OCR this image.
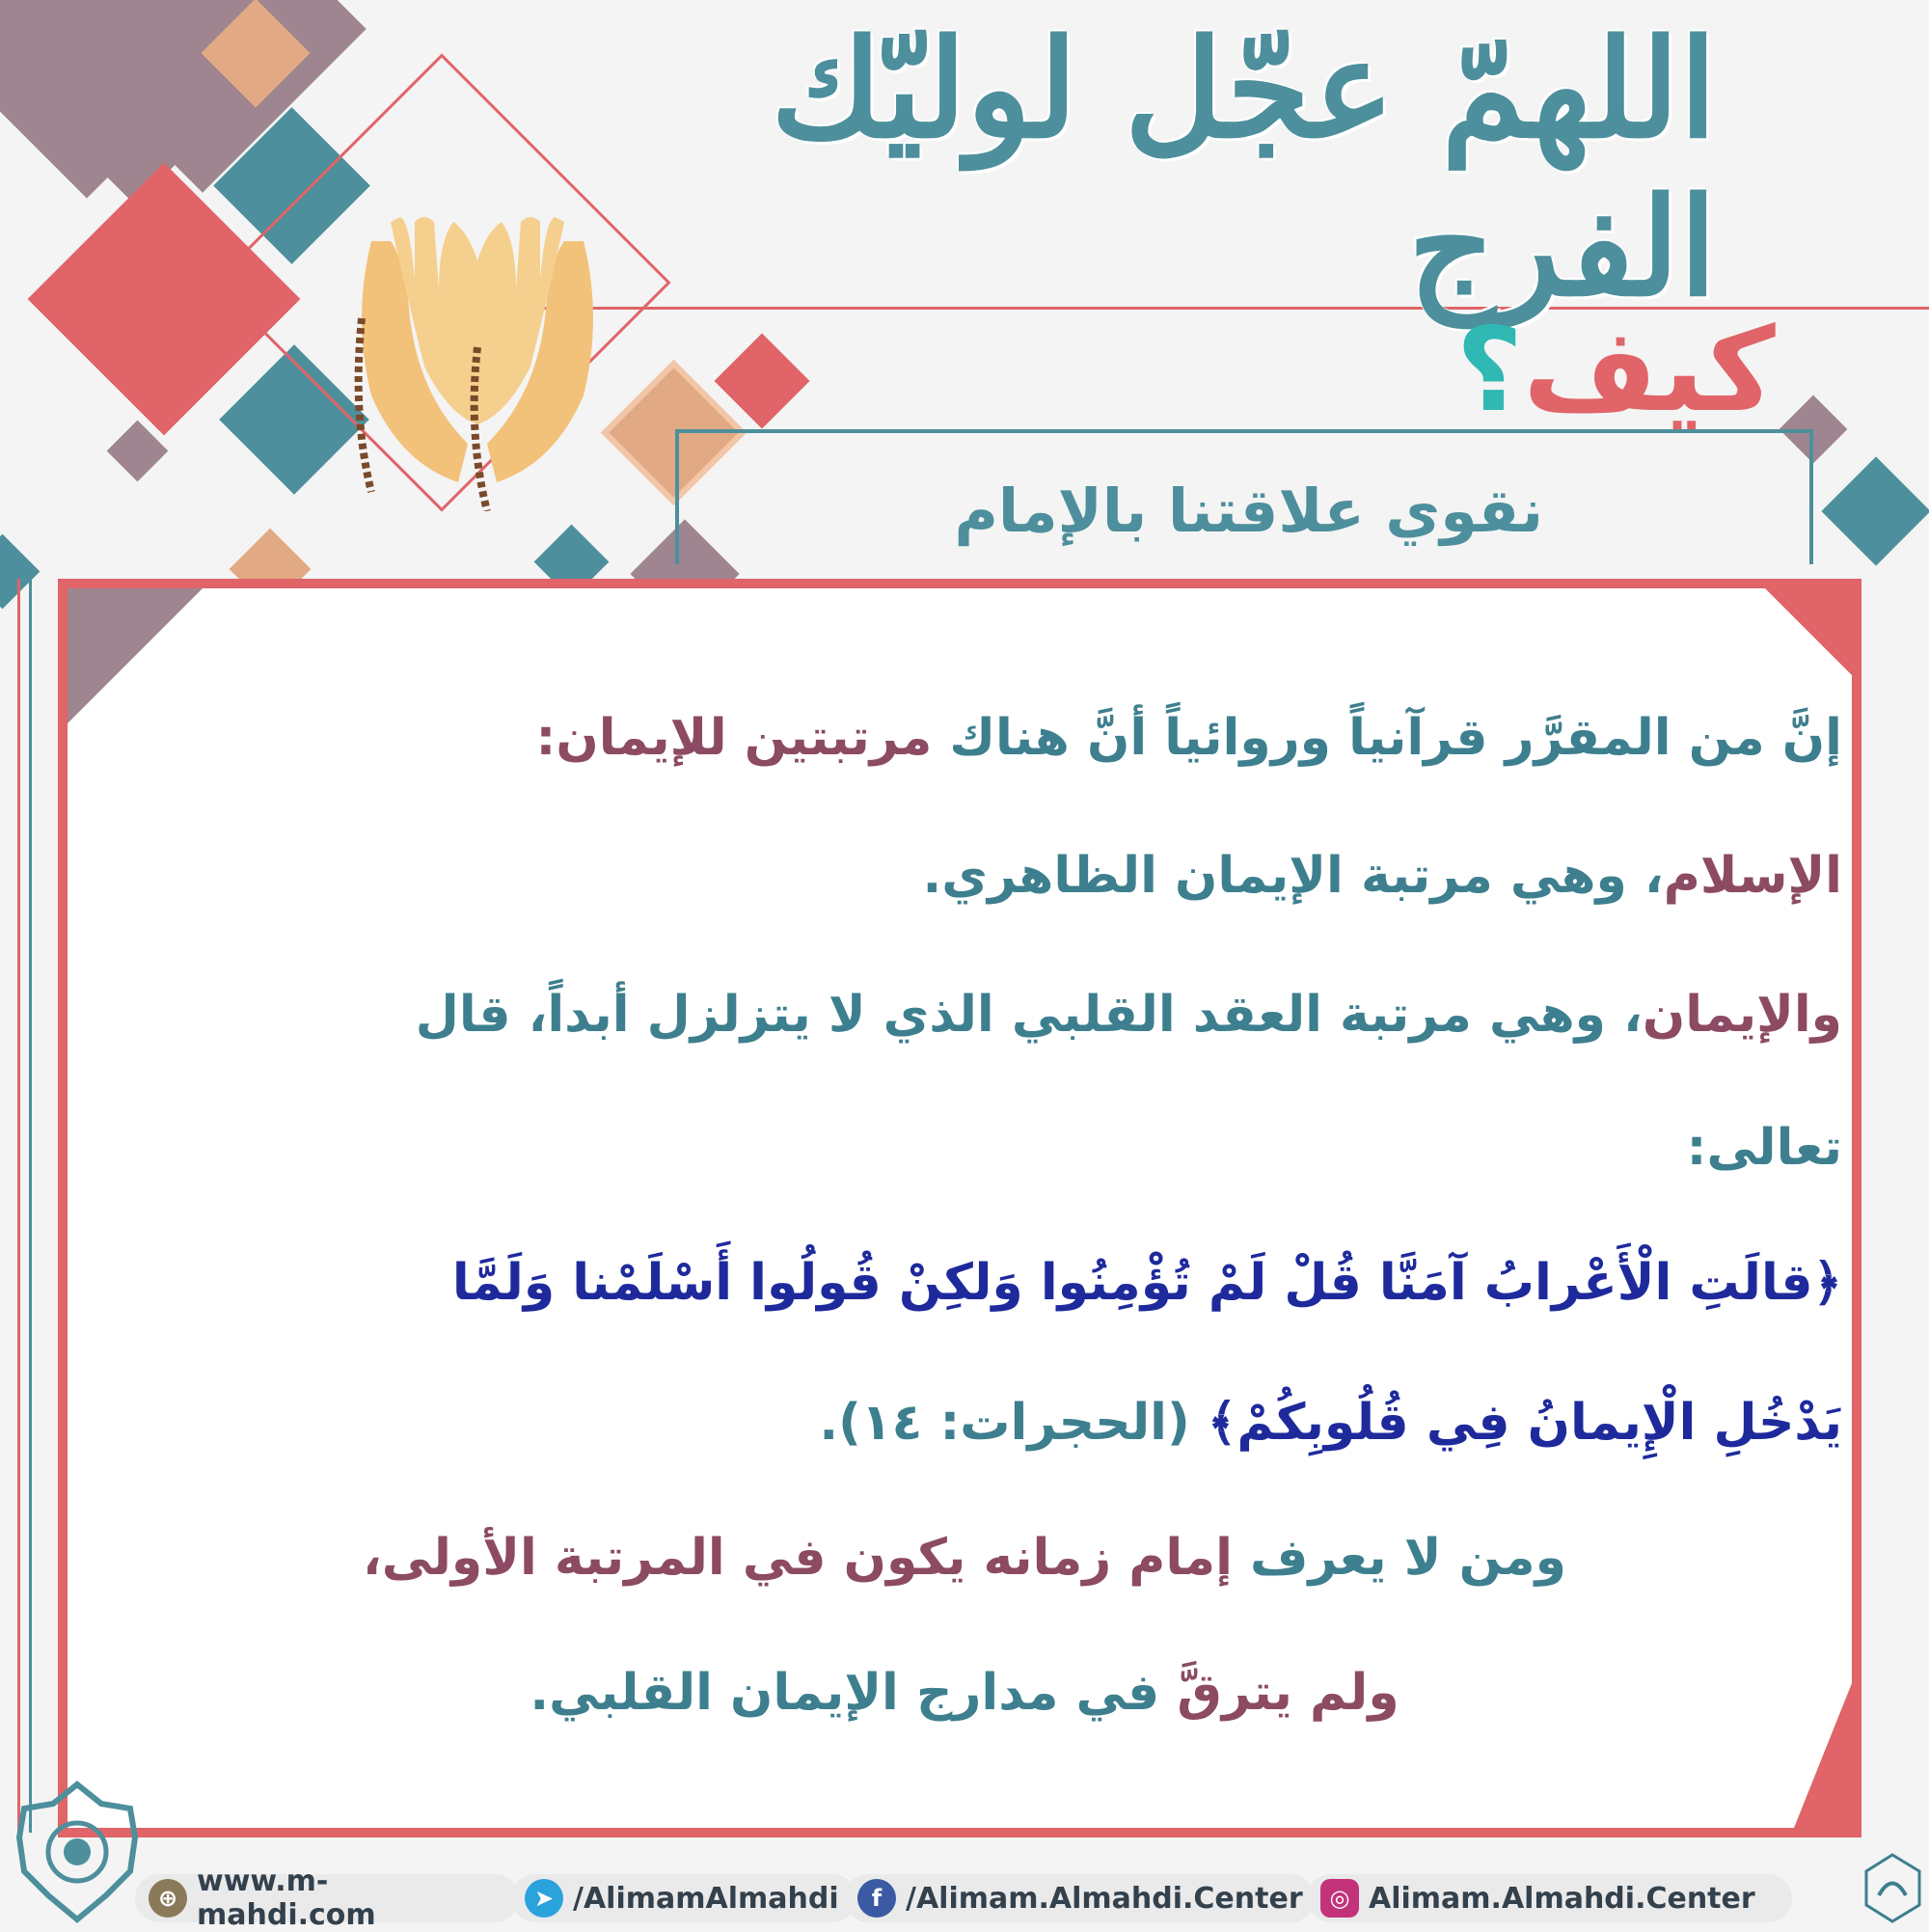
اللهمّ عجّل لوليّك الفرج
كيف؟
نقوي علاقتنا بالإمام
إنَّ من المقرَّر قرآنياً وروائياً أنَّ هناك مرتبتين للإيمان:
الإسلام، وهي مرتبة الإيمان الظاهري.
والإيمان، وهي مرتبة العقد القلبي الذي لا يتزلزل أبداً، قال
تعالى:
﴿قالَتِ الْأَعْرابُ آمَنَّا قُلْ لَمْ تُؤْمِنُوا وَلكِنْ قُولُوا أَسْلَمْنا وَلَمَّا
يَدْخُلِ الْإِيمانُ فِي قُلُوبِكُمْ﴾ (الحجرات: ١٤).
ومن لا يعرف إمام زمانه يكون في المرتبة الأولى،
ولم يترقَّ في مدارج الإيمان القلبي.
⊕ www.m-mahdi.com	➤ /AlimamAlmahdi	f /Alimam.Almahdi.Center	◎ Alimam.Almahdi.Center
